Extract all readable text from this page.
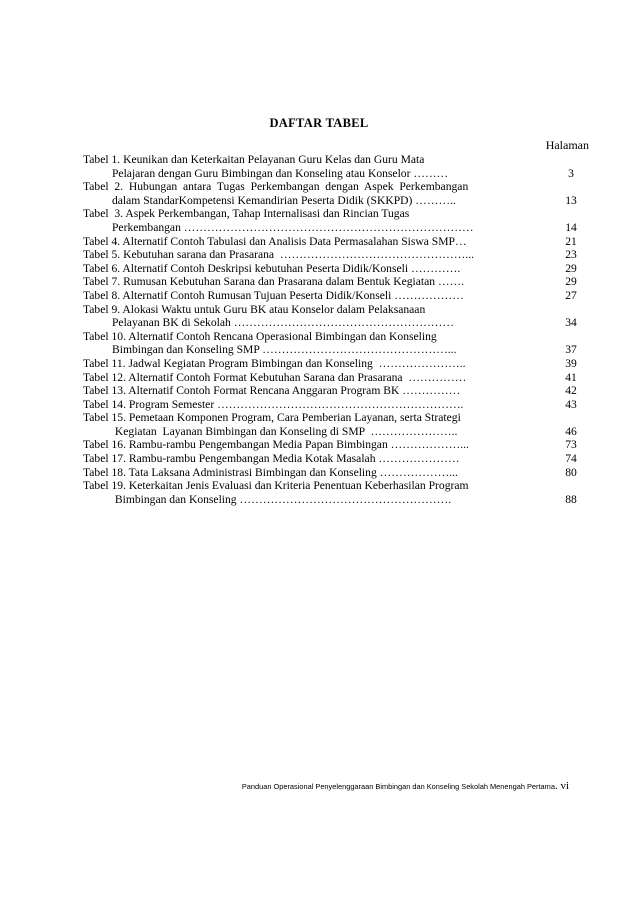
DAFTAR TABEL
Halaman
Tabel 1. Keunikan dan Keterkaitan Pelayanan Guru Kelas dan Guru Mata
Pelajaran dengan Guru Bimbingan dan Konseling atau Konselor ………	3
Tabel  2.  Hubungan  antara  Tugas  Perkembangan  dengan  Aspek  Perkembangan
dalam StandarKompetensi Kemandirian Peserta Didik (SKKPD) ………..	13
Tabel  3. Aspek Perkembangan, Tahap Internalisasi dan Rincian Tugas
Perkembangan …………………………………………………………………	14
Tabel 4. Alternatif Contoh Tabulasi dan Analisis Data Permasalahan Siswa SMP…	21
Tabel 5. Kebutuhan sarana dan Prasarana  …………………………………………...	23
Tabel 6. Alternatif Contoh Deskripsi kebutuhan Peserta Didik/Konseli ………….	29
Tabel 7. Rumusan Kebutuhan Sarana dan Prasarana dalam Bentuk Kegiatan …….	29
Tabel 8. Alternatif Contoh Rumusan Tujuan Peserta Didik/Konseli ………………	27
Tabel 9. Alokasi Waktu untuk Guru BK atau Konselor dalam Pelaksanaan
Pelayanan BK di Sekolah …………………………………………………	34
Tabel 10. Alternatif Contoh Rencana Operasional Bimbingan dan Konseling
Bimbingan dan Konseling SMP …………………………………………...	37
Tabel 11. Jadwal Kegiatan Program Bimbingan dan Konseling  …………………..	39
Tabel 12. Alternatif Contoh Format Kebutuhan Sarana dan Prasarana  ……………	41
Tabel 13. Alternatif Contoh Format Rencana Anggaran Program BK ……………	42
Tabel 14. Program Semester ……………………………………………………….	43
Tabel 15. Pemetaan Komponen Program, Cara Pemberian Layanan, serta Strategi
Kegiatan  Layanan Bimbingan dan Konseling di SMP  …………………..	46
Tabel 16. Rambu-rambu Pengembangan Media Papan Bimbingan ………………...	73
Tabel 17. Rambu-rambu Pengembangan Media Kotak Masalah …………………	74
Tabel 18. Tata Laksana Administrasi Bimbingan dan Konseling ………………...	80
Tabel 19. Keterkaitan Jenis Evaluasi dan Kriteria Penentuan Keberhasilan Program
Bimbingan dan Konseling ……………………………………………….	88
Panduan Operasional Penyelenggaraan Bimbingan dan Konseling Sekolah Menengah Pertama. vi
